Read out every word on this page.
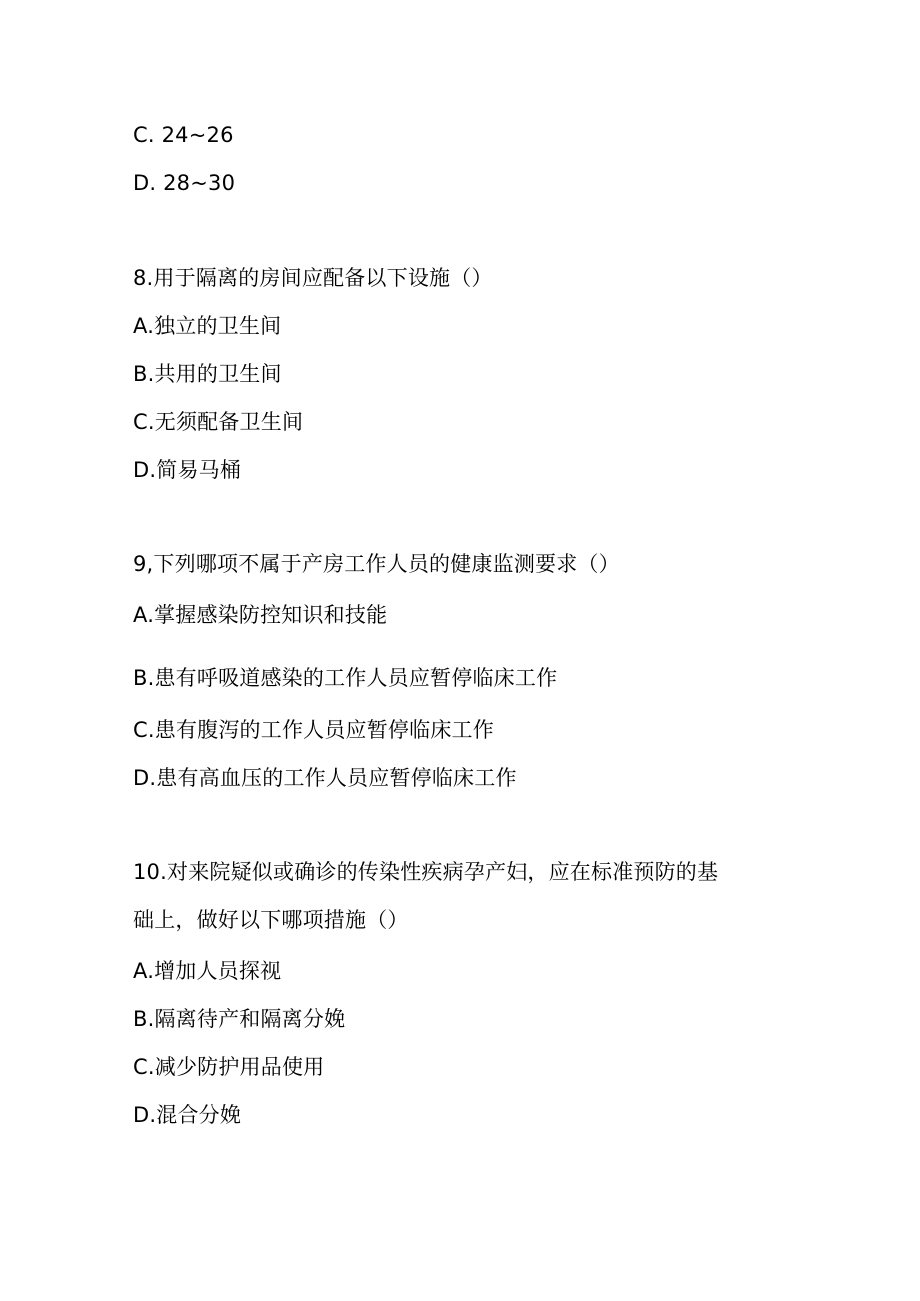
C. 24~26
D. 28~30
8.用于隔离的房间应配备以下设施（）
A.独立的卫生间
B.共用的卫生间
C.无须配备卫生间
D.简易马桶
9,下列哪项不属于产房工作人员的健康监测要求（）
A.掌握感染防控知识和技能
B.患有呼吸道感染的工作人员应暂停临床工作
C.患有腹泻的工作人员应暂停临床工作
D.患有高血压的工作人员应暂停临床工作
10.对来院疑似或确诊的传染性疾病孕产妇，应在标准预防的基
础上，做好以下哪项措施（）
A.增加人员探视
B.隔离待产和隔离分娩
C.减少防护用品使用
D.混合分娩
